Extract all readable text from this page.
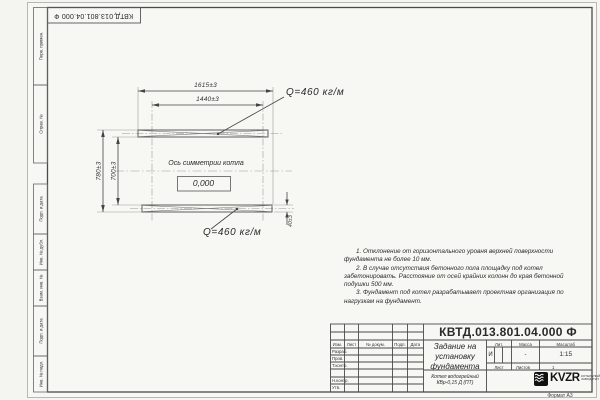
КВТД.013.801.04.000 Ф
Перв. примен.
Справ. №
Подп. и дата
Инв. № дубл.
Взам. инв. №
Подп. и дата
Инв. № подл.
1615±3
1440±3
780±3 700±3
40±3
Q=460 кг/м
Q=460 кг/м
Ось симметрии котла
0,000

1. Отклонение от горизонтального уровня верхней поверхности фундамента не более 10 мм.

2. В случае отсутствия бетонного пола площадку под котел забетонировать. Расстояние от осей крайних колонн до края бетонной подушки 500 мм.

3. Фундамент под котел разрабатывает проектная организация по нагрузкам на фундамент.

КВТД.013.801.04.000 Ф
Изм.	Лист	№ докум.	Подп.	Дата
Разраб.
Пров.
Т.контр.
Н.контр.
Утв.
Задание на установку фундамента
Котел водогрейный КВр-0,15 Д (ПТ)
Лит.	Масса	Масштаб
И	-	1:15
Лист	Листов	1
KVZR КОТЕЛЬНЫЙ
ЗАВОД РЭП
Формат А3
